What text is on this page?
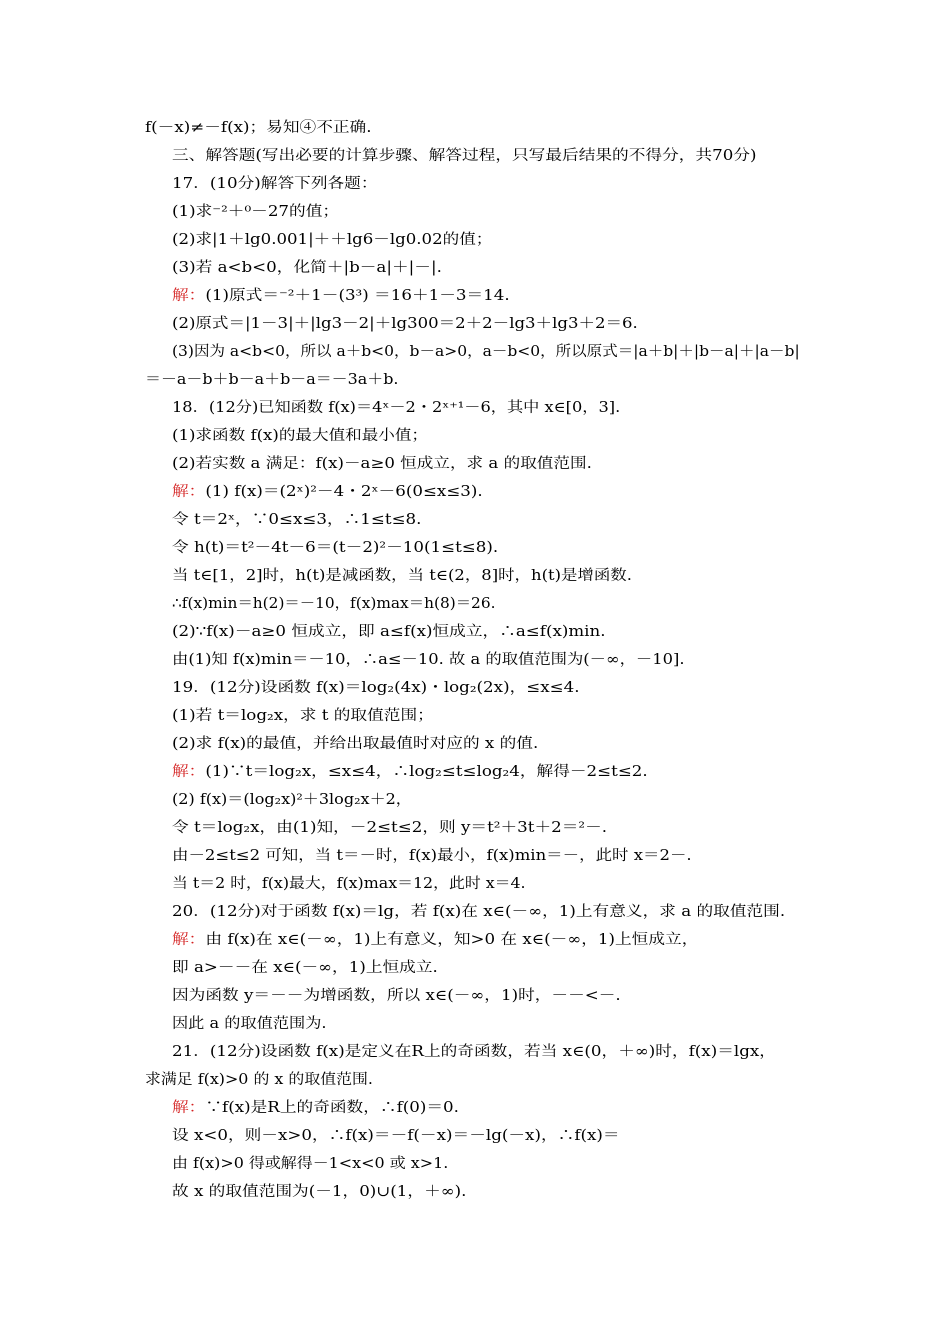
f(－x)≠－f(x)；易知④不正确.
三、解答题(写出必要的计算步骤、解答过程，只写最后结果的不得分，共70分)
17．(10分)解答下列各题：
(1)求⁻²＋⁰－27的值；
(2)求|1＋lg0.001|＋＋lg6－lg0.02的值；
(3)若 a<b<0，化简＋|b－a|＋|－|.
解：(1)原式＝⁻²＋1－(3³) ＝16＋1－3＝14.
(2)原式＝|1－3|＋|lg3－2|＋lg300＝2＋2－lg3＋lg3＋2＝6.
(3)因为 a<b<0，所以 a＋b<0，b－a>0，a－b<0，所以原式＝|a＋b|＋|b－a|＋|a－b|
＝－a－b＋b－a＋b－a＝－3a＋b.
18．(12分)已知函数 f(x)＝4ˣ－2・2ˣ⁺¹－6，其中 x∈[0，3].
(1)求函数 f(x)的最大值和最小值；
(2)若实数 a 满足：f(x)－a≥0 恒成立，求 a 的取值范围.
解：(1) f(x)＝(2ˣ)²－4・2ˣ－6(0≤x≤3).
令 t＝2ˣ，∵0≤x≤3，∴1≤t≤8.
令 h(t)＝t²－4t－6＝(t－2)²－10(1≤t≤8).
当 t∈[1，2]时，h(t)是减函数，当 t∈(2，8]时，h(t)是增函数.
∴f(x)min＝h(2)＝－10，f(x)max＝h(8)＝26.
(2)∵f(x)－a≥0 恒成立，即 a≤f(x)恒成立，∴a≤f(x)min.
由(1)知 f(x)min＝－10，∴a≤－10. 故 a 的取值范围为(－∞，－10].
19．(12分)设函数 f(x)＝log₂(4x)・log₂(2x)，≤x≤4.
(1)若 t＝log₂x，求 t 的取值范围；
(2)求 f(x)的最值，并给出取最值时对应的 x 的值.
解：(1)∵t＝log₂x，≤x≤4，∴log₂≤t≤log₂4，解得－2≤t≤2.
(2) f(x)＝(log₂x)²＋3log₂x＋2，
令 t＝log₂x，由(1)知，－2≤t≤2，则 y＝t²＋3t＋2＝²－.
由－2≤t≤2 可知，当 t＝－时，f(x)最小，f(x)min＝－，此时 x＝2－.
当 t＝2 时，f(x)最大，f(x)max＝12，此时 x＝4.
20．(12分)对于函数 f(x)＝lg，若 f(x)在 x∈(－∞，1)上有意义，求 a 的取值范围.
解：由 f(x)在 x∈(－∞，1)上有意义，知>0 在 x∈(－∞，1)上恒成立，
即 a>－－在 x∈(－∞，1)上恒成立.
因为函数 y＝－－为增函数，所以 x∈(－∞，1)时，－－<－.
因此 a 的取值范围为.
21．(12分)设函数 f(x)是定义在R上的奇函数，若当 x∈(0，＋∞)时，f(x)＝lgx，
求满足 f(x)>0 的 x 的取值范围.
解：∵f(x)是R上的奇函数，∴f(0)＝0.
设 x<0，则－x>0，∴f(x)＝－f(－x)＝－lg(－x)，∴f(x)＝
由 f(x)>0 得或解得－1<x<0 或 x>1.
故 x 的取值范围为(－1，0)∪(1，＋∞).
